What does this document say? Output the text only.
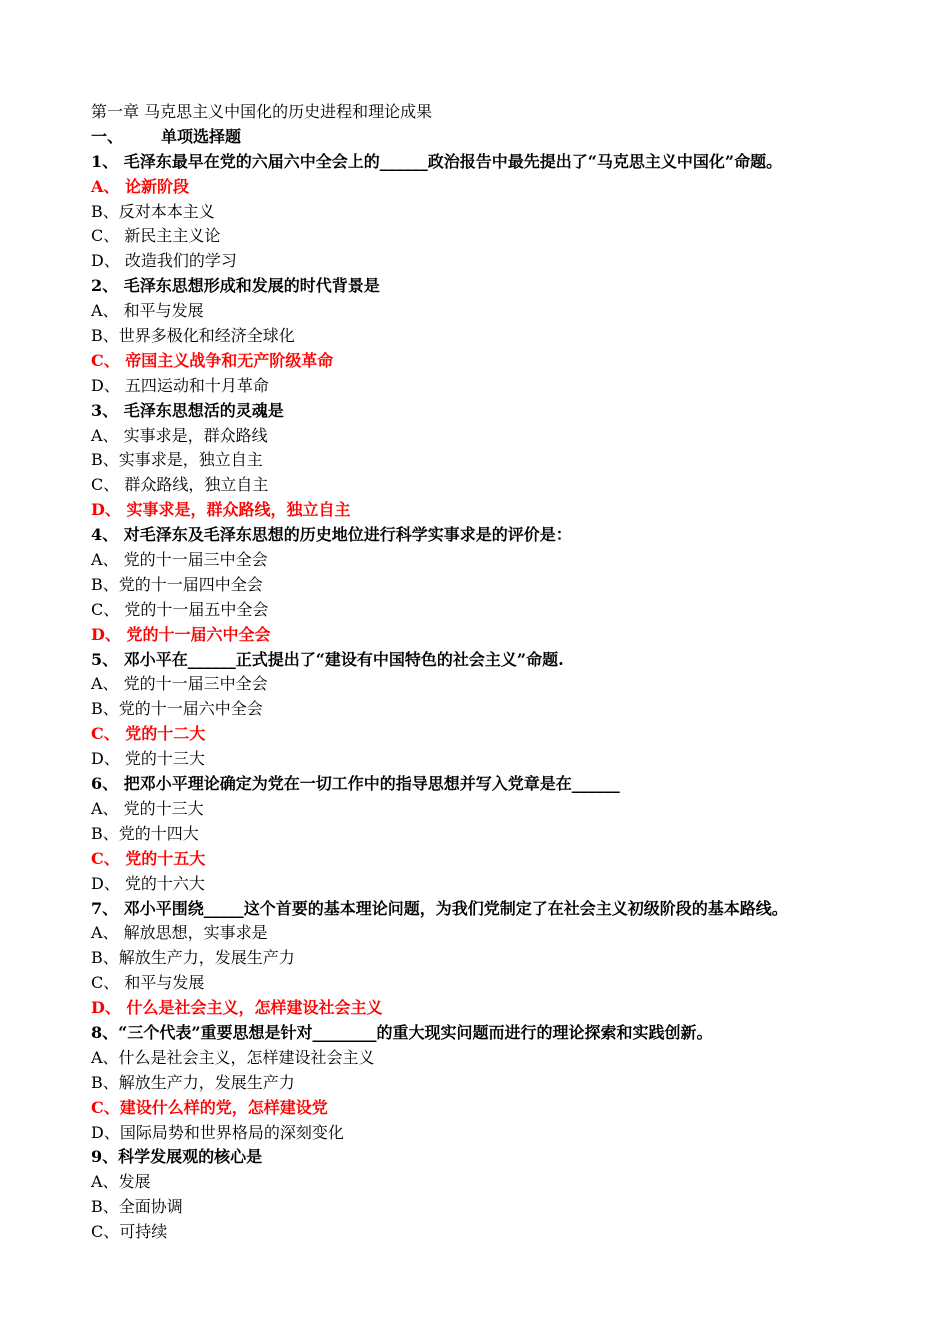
第一章 马克思主义中国化的历史进程和理论成果
一、 单项选择题
1、 毛泽东最早在党的六届六中全会上的______政治报告中最先提出了“马克思主义中国化”命题。
A、 论新阶段
B、反对本本主义
C、 新民主主义论
D、 改造我们的学习
2、 毛泽东思想形成和发展的时代背景是
A、 和平与发展
B、世界多极化和经济全球化
C、 帝国主义战争和无产阶级革命
D、 五四运动和十月革命
3、 毛泽东思想活的灵魂是
A、 实事求是，群众路线
B、实事求是，独立自主
C、 群众路线，独立自主
D、 实事求是，群众路线，独立自主
4、 对毛泽东及毛泽东思想的历史地位进行科学实事求是的评价是：
A、 党的十一届三中全会
B、党的十一届四中全会
C、 党的十一届五中全会
D、 党的十一届六中全会
5、 邓小平在______正式提出了“建设有中国特色的社会主义”命题.
A、 党的十一届三中全会
B、党的十一届六中全会
C、 党的十二大
D、 党的十三大
6、 把邓小平理论确定为党在一切工作中的指导思想并写入党章是在______
A、 党的十三大
B、党的十四大
C、 党的十五大
D、 党的十六大
7、 邓小平围绕_____这个首要的基本理论问题，为我们党制定了在社会主义初级阶段的基本路线。
A、 解放思想，实事求是
B、解放生产力，发展生产力
C、 和平与发展
D、 什么是社会主义，怎样建设社会主义
8、“三个代表”重要思想是针对________的重大现实问题而进行的理论探索和实践创新。
A、什么是社会主义，怎样建设社会主义
B、解放生产力，发展生产力
C、建设什么样的党，怎样建设党
D、国际局势和世界格局的深刻变化
9、科学发展观的核心是
A、发展
B、全面协调
C、可持续
